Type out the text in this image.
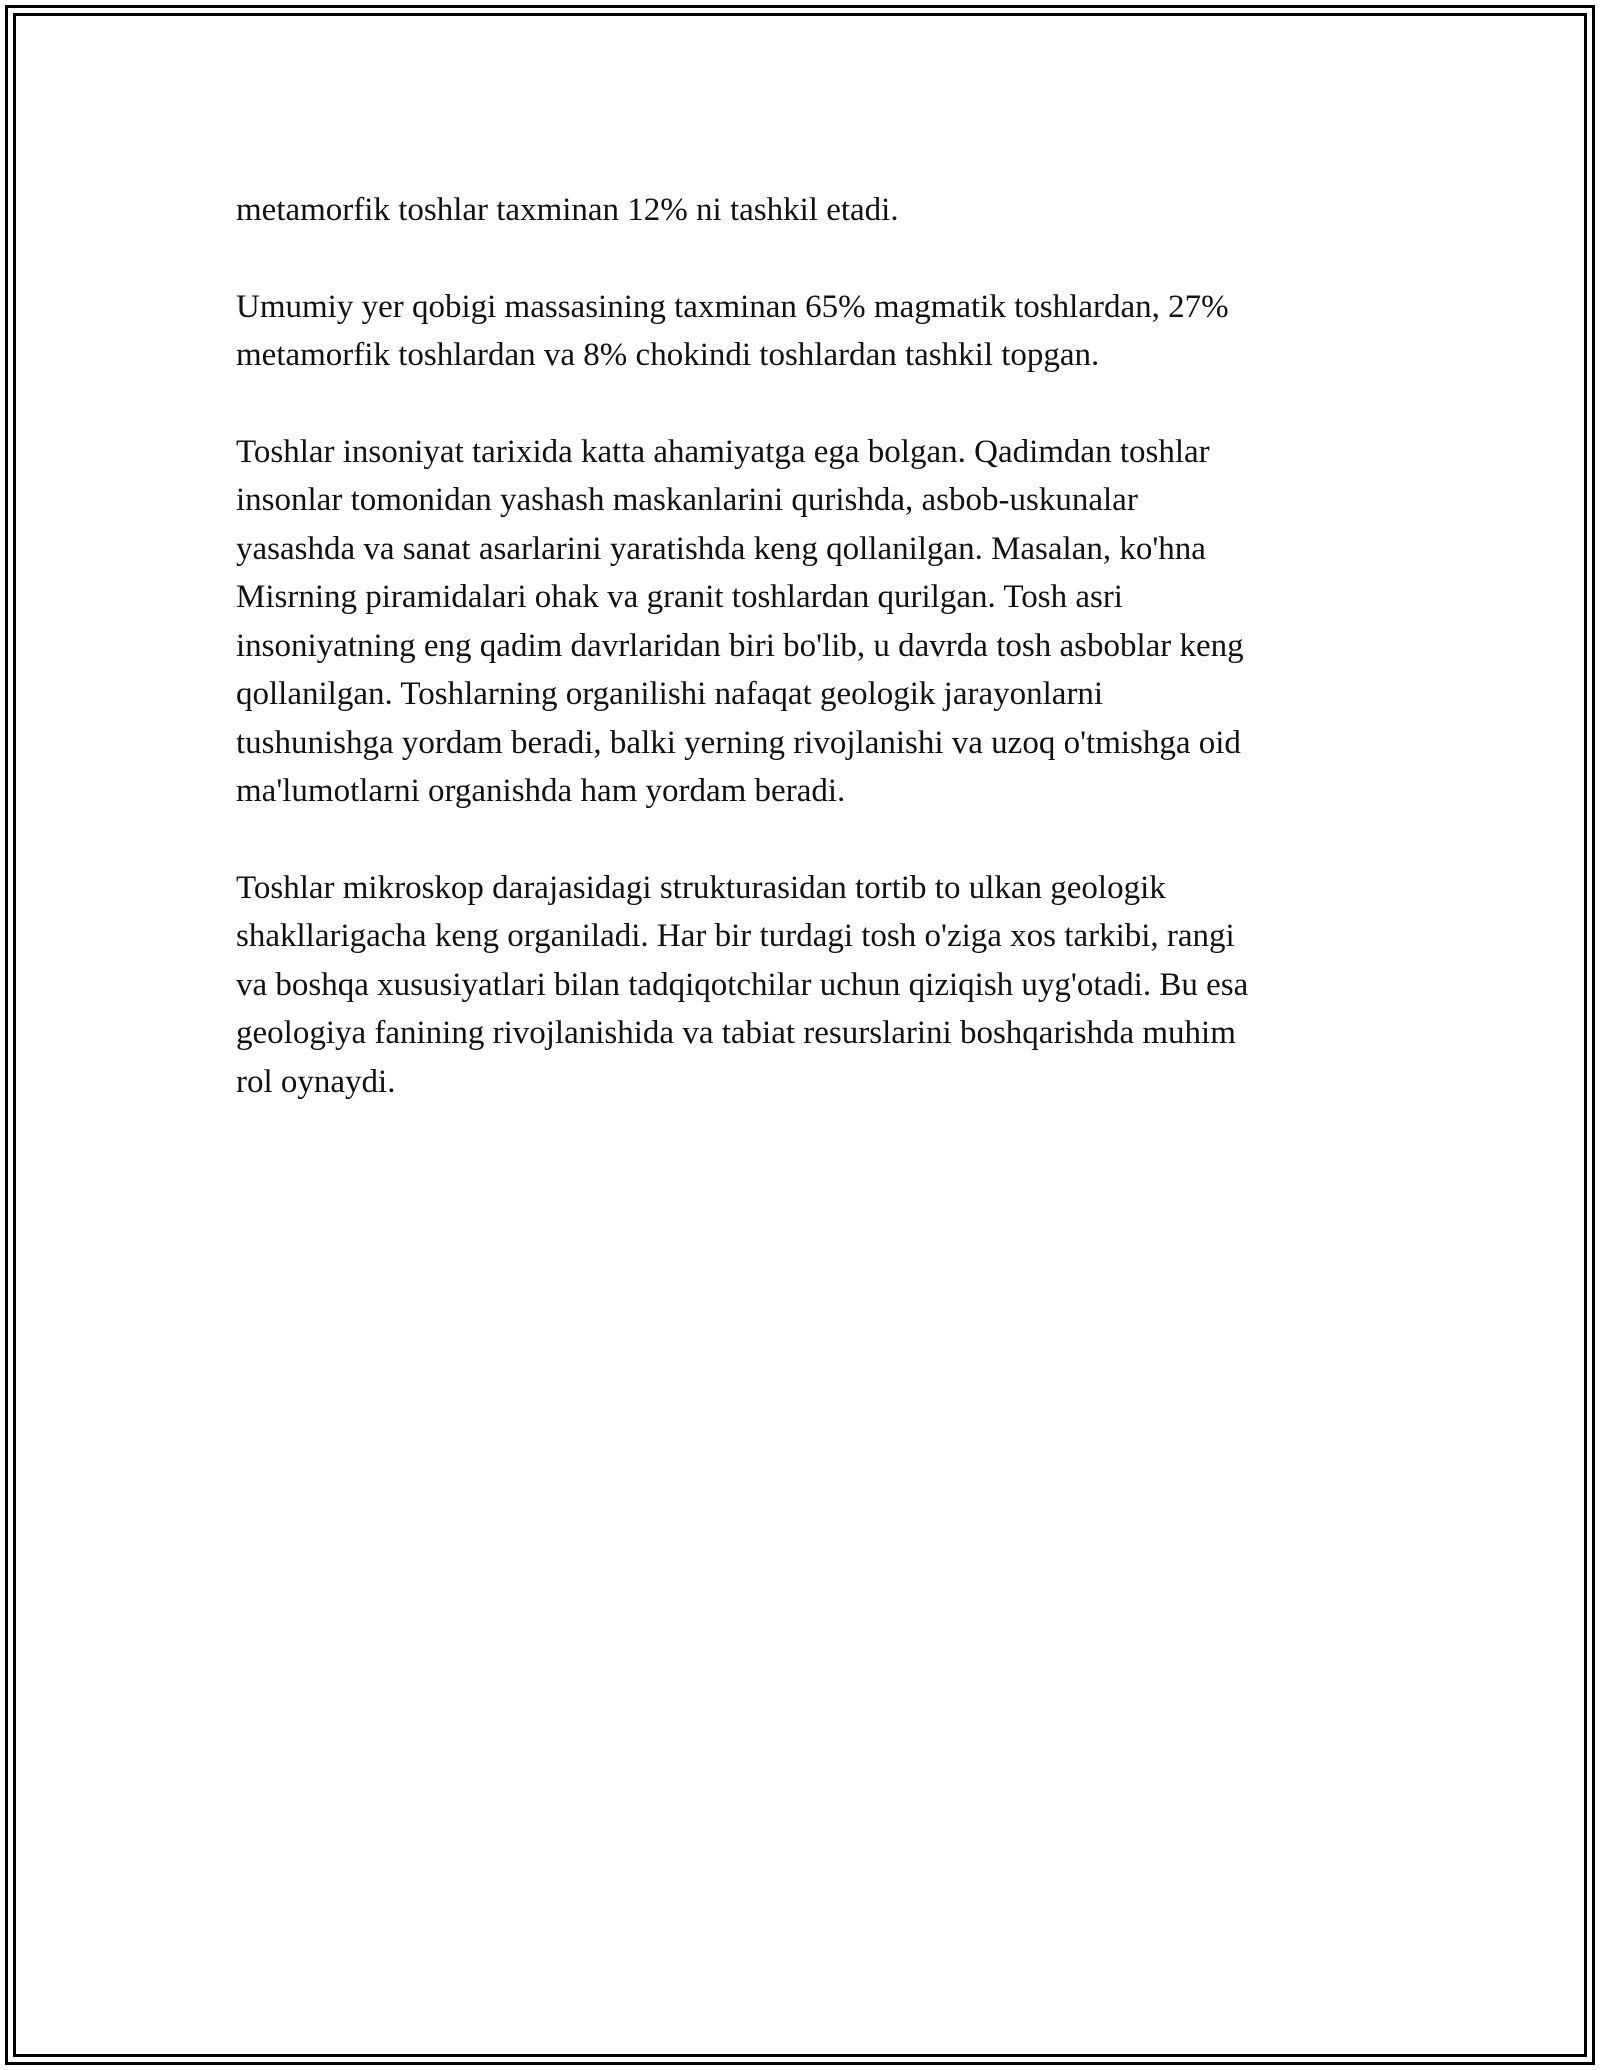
metamorfik toshlar taxminan 12% ni tashkil etadi.

Umumiy yer qobigi massasining taxminan 65% magmatik toshlardan, 27%
metamorfik toshlardan va 8% chokindi toshlardan tashkil topgan.

Toshlar insoniyat tarixida katta ahamiyatga ega bolgan. Qadimdan toshlar
insonlar tomonidan yashash maskanlarini qurishda, asbob-uskunalar
yasashda va sanat asarlarini yaratishda keng qollanilgan. Masalan, ko'hna
Misrning piramidalari ohak va granit toshlardan qurilgan. Tosh asri
insoniyatning eng qadim davrlaridan biri bo'lib, u davrda tosh asboblar keng
qollanilgan. Toshlarning organilishi nafaqat geologik jarayonlarni
tushunishga yordam beradi, balki yerning rivojlanishi va uzoq o'tmishga oid
ma'lumotlarni organishda ham yordam beradi.

Toshlar mikroskop darajasidagi strukturasidan tortib to ulkan geologik
shakllarigacha keng organiladi. Har bir turdagi tosh o'ziga xos tarkibi, rangi
va boshqa xususiyatlari bilan tadqiqotchilar uchun qiziqish uyg'otadi. Bu esa
geologiya fanining rivojlanishida va tabiat resurslarini boshqarishda muhim
rol oynaydi.
